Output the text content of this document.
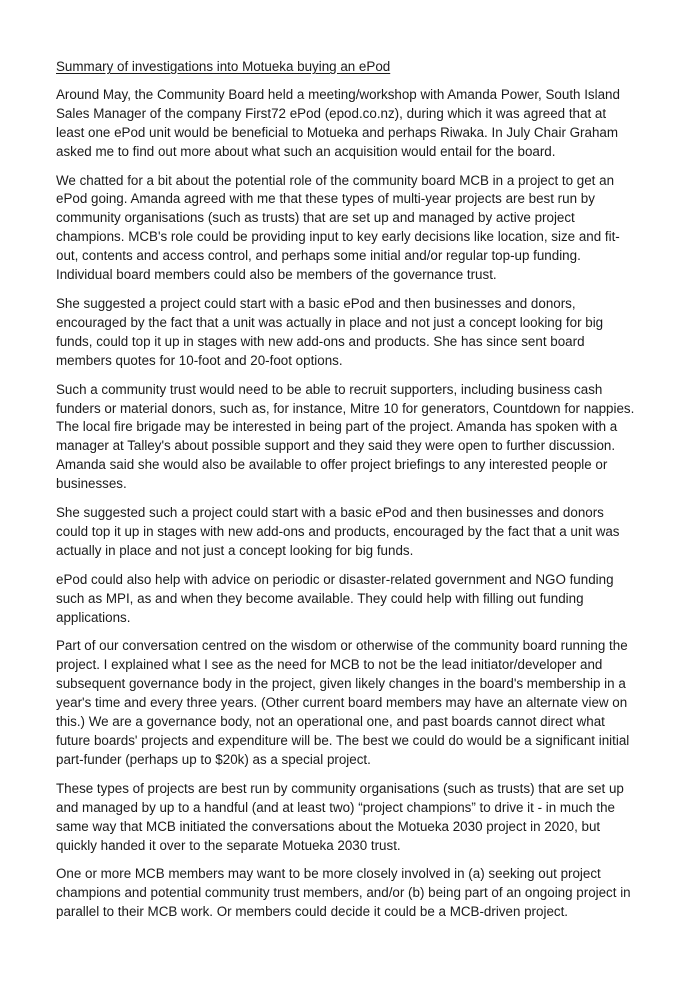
Summary of investigations into Motueka buying an ePod

Around May, the Community Board held a meeting/workshop with Amanda Power, South Island Sales Manager of the company First72 ePod (epod.co.nz), during which it was agreed that at least one ePod unit would be beneficial to Motueka and perhaps Riwaka. In July Chair Graham asked me to find out more about what such an acquisition would entail for the board.

We chatted for a bit about the potential role of the community board MCB in a project to get an ePod going. Amanda agreed with me that these types of multi-year projects are best run by community organisations (such as trusts) that are set up and managed by active project champions. MCB's role could be providing input to key early decisions like location, size and fit-out, contents and access control, and perhaps some initial and/or regular top-up funding. Individual board members could also be members of the governance trust.

She suggested a project could start with a basic ePod and then businesses and donors, encouraged by the fact that a unit was actually in place and not just a concept looking for big funds, could top it up in stages with new add-ons and products. She has since sent board members quotes for 10-foot and 20-foot options.

Such a community trust would need to be able to recruit supporters, including business cash funders or material donors, such as, for instance, Mitre 10 for generators, Countdown for nappies. The local fire brigade may be interested in being part of the project. Amanda has spoken with a manager at Talley's about possible support and they said they were open to further discussion. Amanda said she would also be available to offer project briefings to any interested people or businesses.

She suggested such a project could start with a basic ePod and then businesses and donors could top it up in stages with new add-ons and products, encouraged by the fact that a unit was actually in place and not just a concept looking for big funds.

ePod could also help with advice on periodic or disaster-related government and NGO funding such as MPI, as and when they become available. They could help with filling out funding applications.

Part of our conversation centred on the wisdom or otherwise of the community board running the project. I explained what I see as the need for MCB to not be the lead initiator/developer and subsequent governance body in the project, given likely changes in the board's membership in a year's time and every three years. (Other current board members may have an alternate view on this.) We are a governance body, not an operational one, and past boards cannot direct what future boards' projects and expenditure will be. The best we could do would be a significant initial part-funder (perhaps up to $20k) as a special project.

These types of projects are best run by community organisations (such as trusts) that are set up and managed by up to a handful (and at least two) “project champions” to drive it - in much the same way that MCB initiated the conversations about the Motueka 2030 project in 2020, but quickly handed it over to the separate Motueka 2030 trust.

One or more MCB members may want to be more closely involved in (a) seeking out project champions and potential community trust members, and/or (b) being part of an ongoing project in parallel to their MCB work. Or members could decide it could be a MCB-driven project.
